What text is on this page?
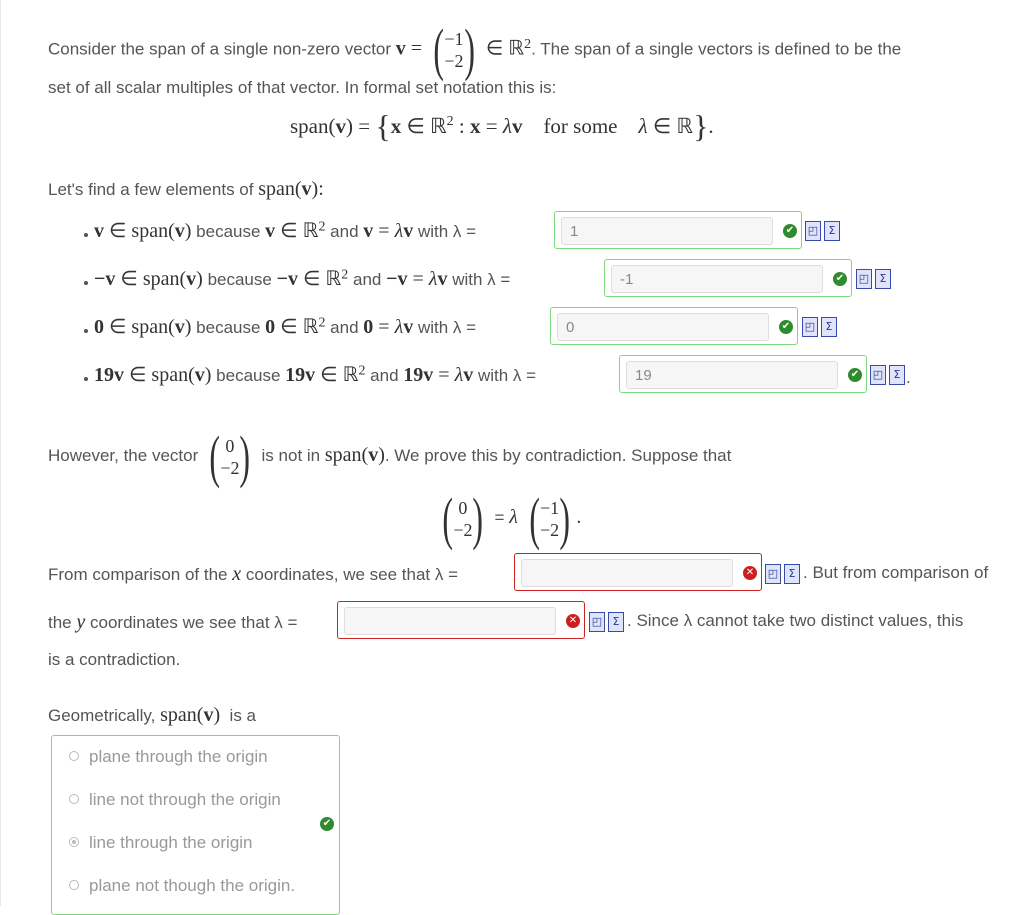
Consider the span of a single non-zero vector v = ( −1
−2 ) ∈ ℝ$^2$. The span of a single vectors is defined to be the
set of all scalar multiples of that vector. In formal set notation this is:
span(v) = {x ∈ ℝ$^2$ : x = λv    for some    λ ∈ ℝ}.
Let's find a few elements of span(v):
v ∈ span(v) because v ∈ ℝ$^2$ and v = λv with λ =
1	✔ ◰ Σ
−v ∈ span(v) because −v ∈ ℝ$^2$ and −v = λv with λ =
-1	✔ ◰ Σ
0 ∈ span(v) because 0 ∈ ℝ$^2$ and 0 = λv with λ =
0	✔ ◰ Σ
19v ∈ span(v) because 19v ∈ ℝ$^2$ and 19v = λv with λ =
19	✔ ◰ Σ .
However, the vector ( 0
−2 ) is not in span(v). We prove this by contradiction. Suppose that
( 0
−2 ) = λ ( −1
−2 ) .
From comparison of the x coordinates, we see that λ =	✕ ◰ Σ . But from comparison of
the y coordinates we see that λ =	✕ ◰ Σ . Since λ cannot take two distinct values, this
is a contradiction.
Geometrically, span(v)  is a
plane through the origin
line not through the origin
line through the origin
plane not though the origin.
✔
